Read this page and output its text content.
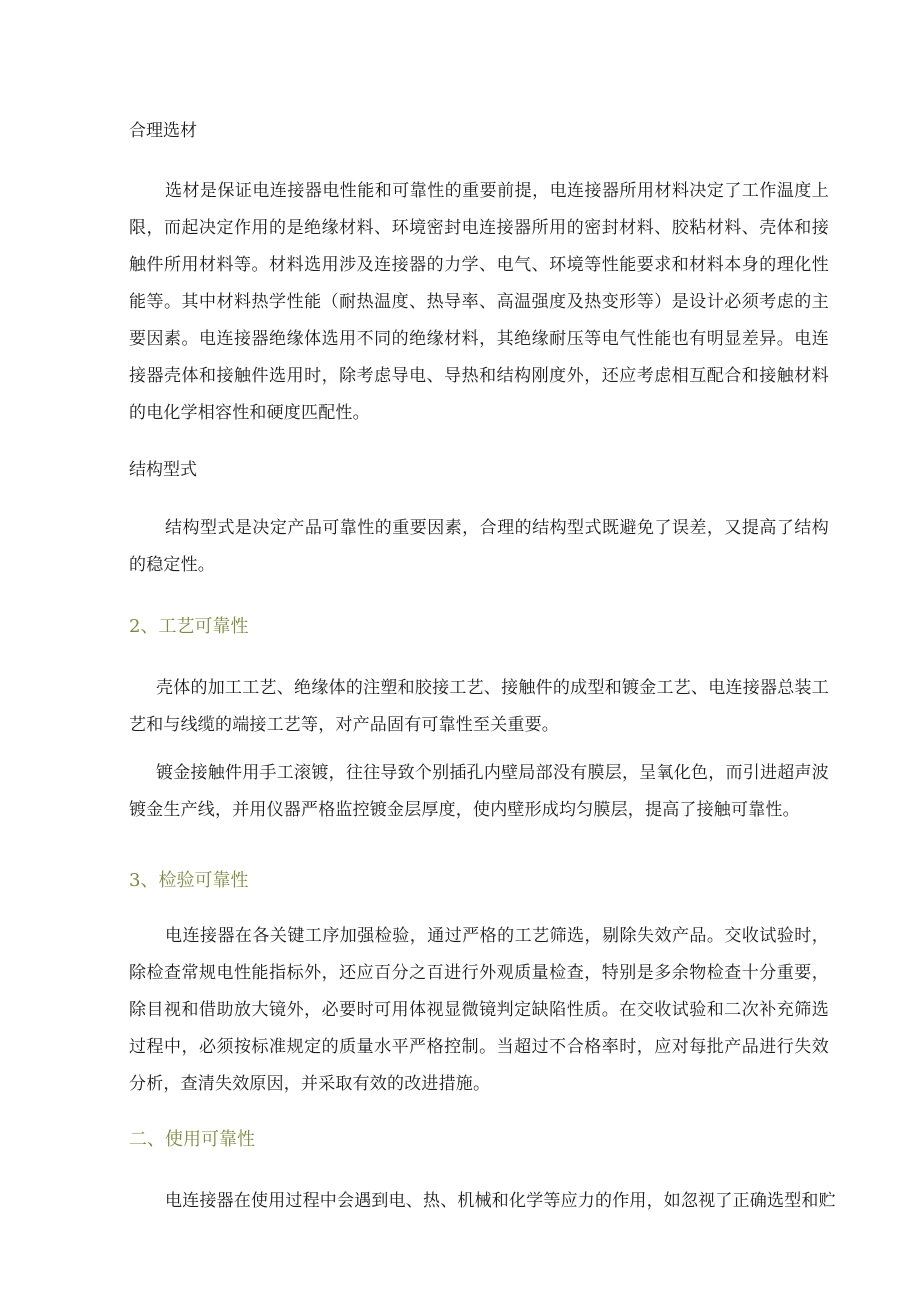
合理选材

选材是保证电连接器电性能和可靠性的重要前提，电连接器所用材料决定了工作温度上限，而起决定作用的是绝缘材料、环境密封电连接器所用的密封材料、胶粘材料、壳体和接触件所用材料等。材料选用涉及连接器的力学、电气、环境等性能要求和材料本身的理化性能等。其中材料热学性能（耐热温度、热导率、高温强度及热变形等）是设计必须考虑的主要因素。电连接器绝缘体选用不同的绝缘材料，其绝缘耐压等电气性能也有明显差异。电连接器壳体和接触件选用时，除考虑导电、导热和结构刚度外，还应考虑相互配合和接触材料的电化学相容性和硬度匹配性。

结构型式

结构型式是决定产品可靠性的重要因素，合理的结构型式既避免了误差，又提高了结构的稳定性。

2、工艺可靠性

壳体的加工工艺、绝缘体的注塑和胶接工艺、接触件的成型和镀金工艺、电连接器总装工艺和与线缆的端接工艺等，对产品固有可靠性至关重要。

镀金接触件用手工滚镀，往往导致个别插孔内壁局部没有膜层，呈氧化色，而引进超声波镀金生产线，并用仪器严格监控镀金层厚度，使内壁形成均匀膜层，提高了接触可靠性。

3、检验可靠性

电连接器在各关键工序加强检验，通过严格的工艺筛选，剔除失效产品。交收试验时，除检查常规电性能指标外，还应百分之百进行外观质量检查，特别是多余物检查十分重要，除目视和借助放大镜外，必要时可用体视显微镜判定缺陷性质。在交收试验和二次补充筛选过程中，必须按标准规定的质量水平严格控制。当超过不合格率时，应对每批产品进行失效分析，查清失效原因，并采取有效的改进措施。

二、使用可靠性

电连接器在使用过程中会遇到电、热、机械和化学等应力的作用，如忽视了正确选型和贮
